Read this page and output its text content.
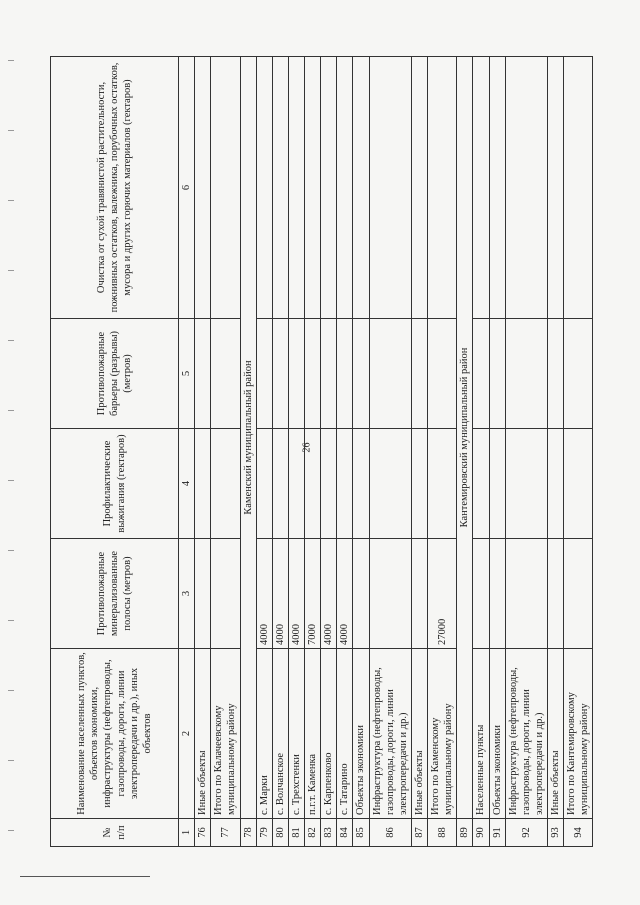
26
№ п/п	Наименование населенных пунктов, объектов экономики, инфраструктуры (нефтепроводы, газопроводы, дороги, линии электропередачи и др.), иных объектов	Противопожарные минерализованные полосы (метров)	Профилактические выжигания (гектаров)	Противопожарные барьеры (разрывы) (метров)	Очистка от сухой травянистой растительности, пожнивных остатков, валежника, порубочных остатков, мусора и других горючих материалов (гектаров)
1	2	3	4	5	6
76	Иные объекты				
77	Итого по Калачеевскому муниципальному району				
78	Каменский муниципальный район				
79	с. Марки	4000			
80	с. Волчанское	4000			
81	с. Трехстенки	4000			
82	п.г.т. Каменка	7000			
83	с. Карпенково	4000			
84	с. Татарино	4000			
85	Объекты экономики				
86	Инфраструктура (нефтепроводы, газопроводы, дороги, линии электропередачи и др.)				
87	Иные объекты				
88	Итого по Каменскому муниципальному району	27000			
89	Кантемировский муниципальный район				
90	Населенные пункты				
91	Объекты экономики				
92	Инфраструктура (нефтепроводы, газопроводы, дороги, линии электропередачи и др.)				
93	Иные объекты				
94	Итого по Кантемировскому муниципальному району				
